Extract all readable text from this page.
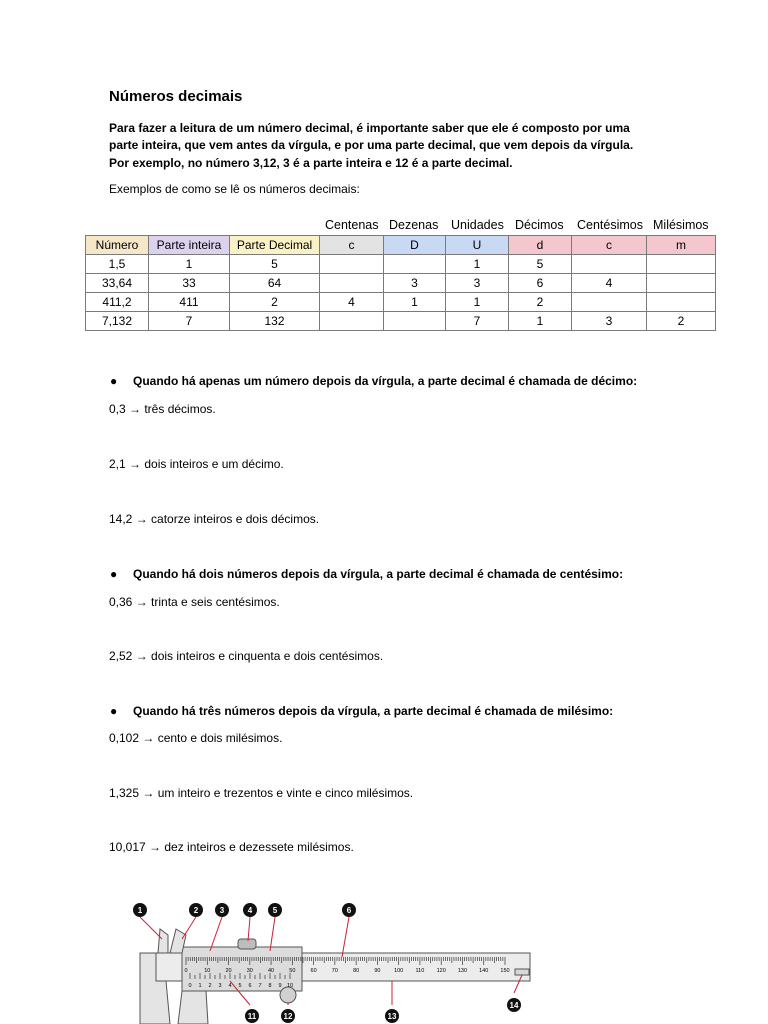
Números decimais
Para fazer a leitura de um número decimal, é importante saber que ele é composto por uma
parte inteira, que vem antes da vírgula, e por uma parte decimal, que vem depois da vírgula.
Por exemplo, no número 3,12, 3 é a parte inteira e 12 é a parte decimal.
Exemplos de como se lê os números decimais:
Centenas Dezenas Unidades Décimos Centésimos Milésimos
Número	Parte inteira	Parte Decimal	c	D	U	d	c	m
1,5	1	5			1	5		
33,64	33	64		3	3	6	4	
411,2	411	2	4	1	1	2		
7,132	7	132			7	1	3	2
● Quando há apenas um número depois da vírgula, a parte decimal é chamada de décimo:
0,3 → três décimos.
2,1 → dois inteiros e um décimo.
14,2 → catorze inteiros e dois décimos.
● Quando há dois números depois da vírgula, a parte decimal é chamada de centésimo:
0,36 → trinta e seis centésimos.
2,52 → dois inteiros e cinquenta e dois centésimos.
● Quando há três números depois da vírgula, a parte decimal é chamada de milésimo:
0,102 → cento e dois milésimos.
1,325 → um inteiro e trezentos e vinte e cinco milésimos.
10,017 → dez inteiros e dezessete milésimos.
0	10	20	30	40	50	60	70	80	90 100 110 120 130 140 150
0 1 2 3 4 5 6 7 8 9 10
1	2	3	4	5	6
11	12	13
14
